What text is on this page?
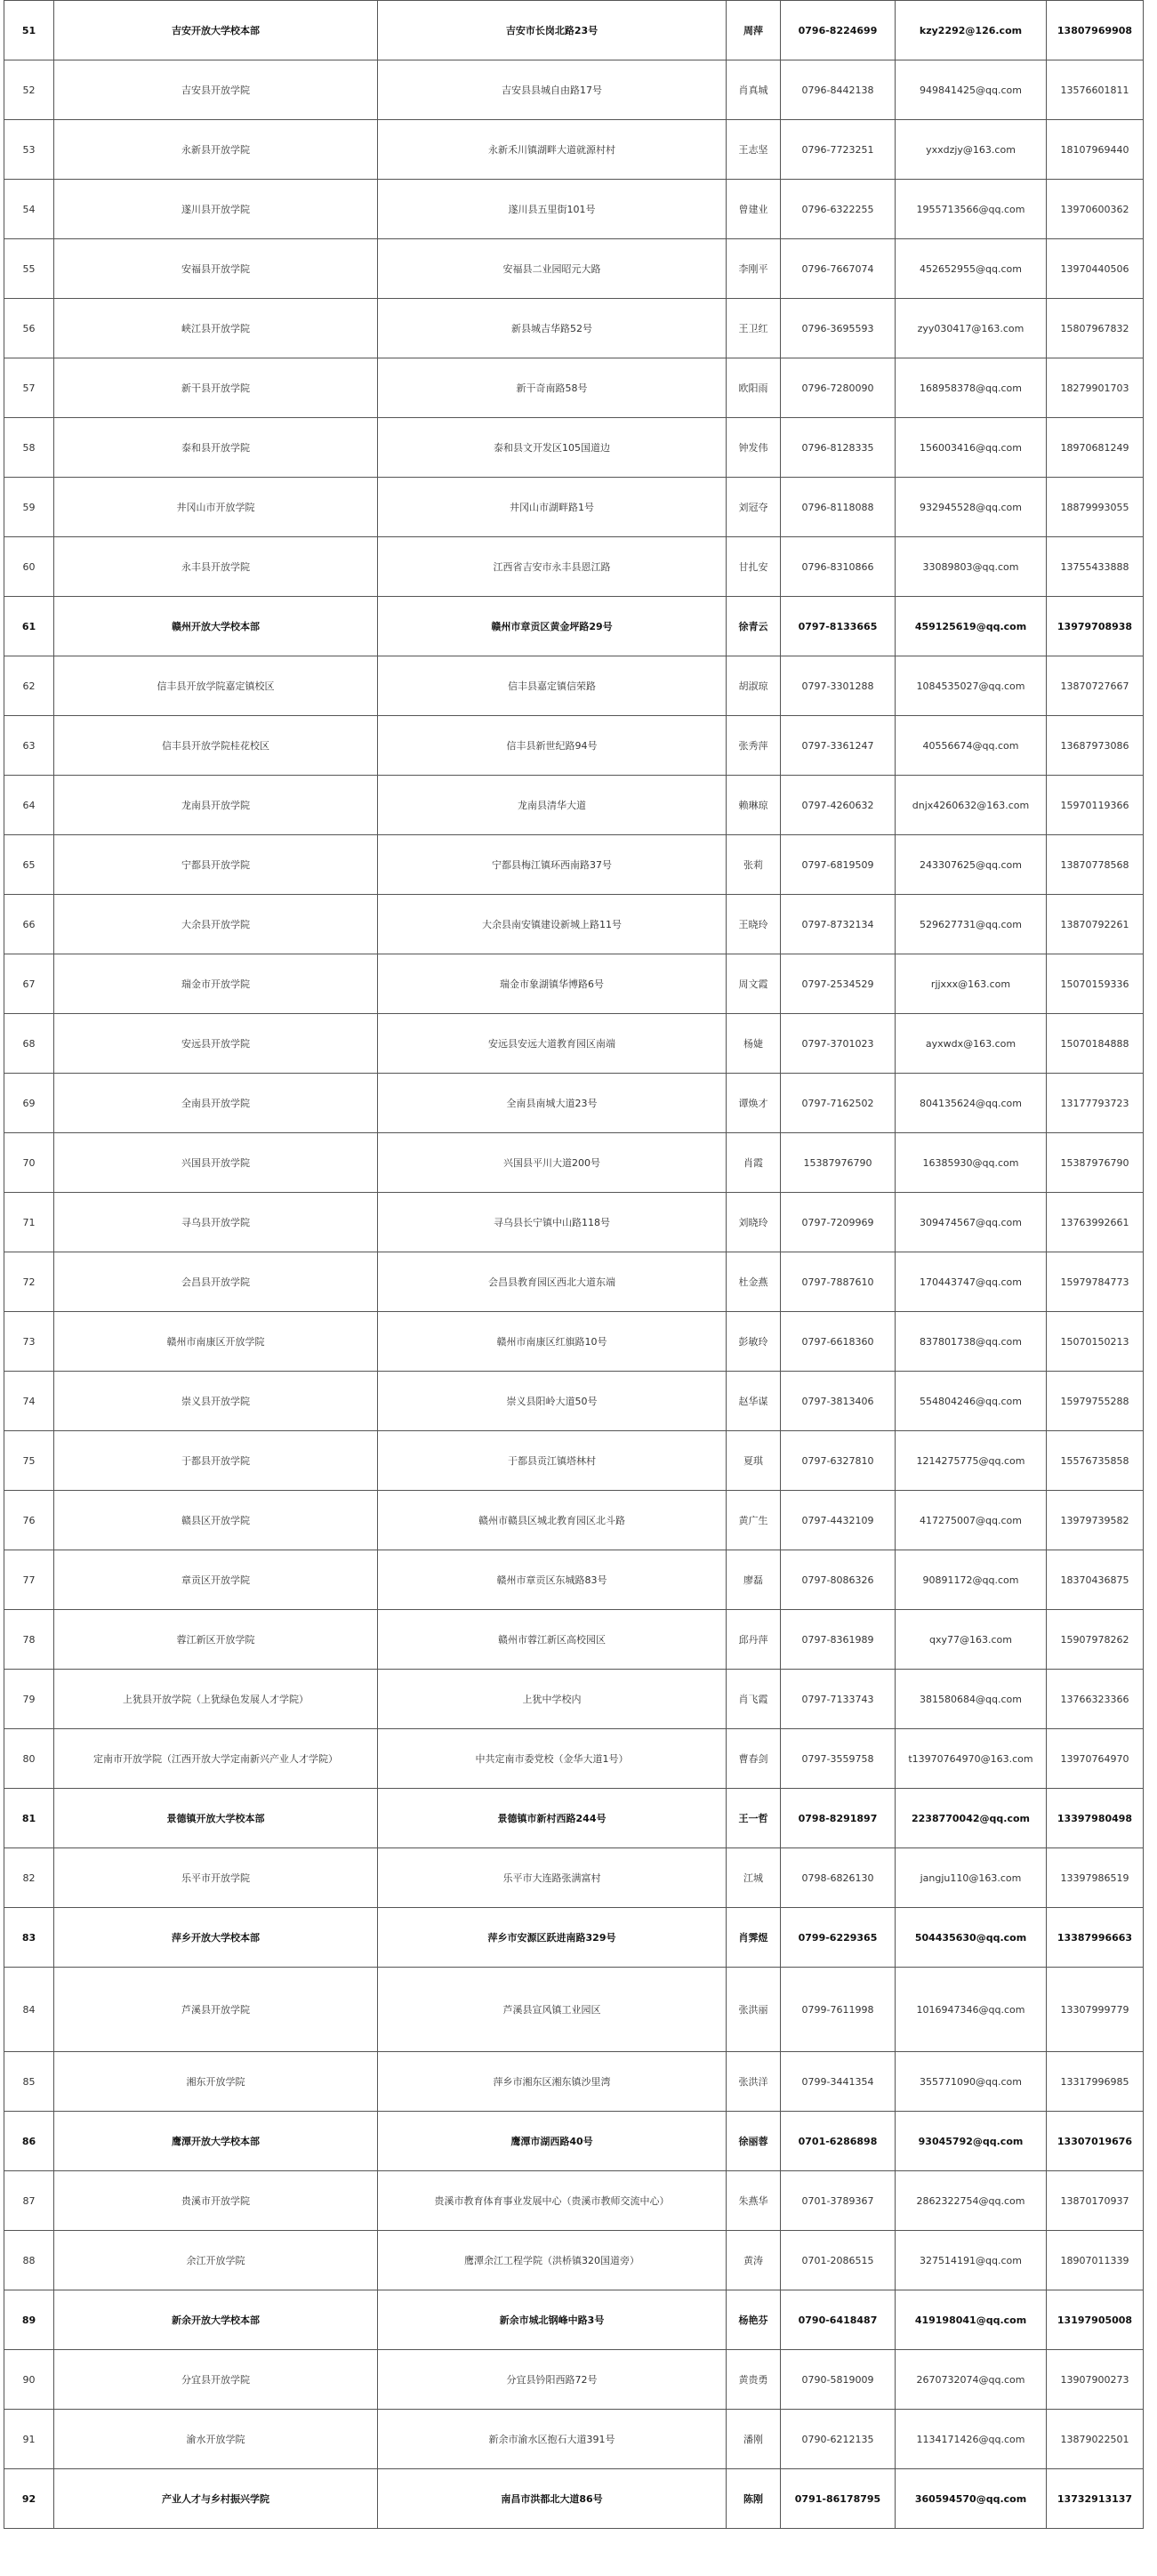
51	吉安开放大学校本部	吉安市长岗北路23号	周萍	0796-8224699	kzy2292@126.com	13807969908
52	吉安县开放学院	吉安县县城自由路17号	肖真城	0796-8442138	949841425@qq.com	13576601811
53	永新县开放学院	永新禾川镇湖畔大道就源村村	王志坚	0796-7723251	yxxdzjy@163.com	18107969440
54	遂川县开放学院	遂川县五里街101号	曾建业	0796-6322255	1955713566@qq.com	13970600362
55	安福县开放学院	安福县二业园昭元大路	李刚平	0796-7667074	452652955@qq.com	13970440506
56	峡江县开放学院	新县城吉华路52号	王卫红	0796-3695593	zyy030417@163.com	15807967832
57	新干县开放学院	新干奇南路58号	欧阳雨	0796-7280090	168958378@qq.com	18279901703
58	泰和县开放学院	泰和县文开发区105国道边	钟发伟	0796-8128335	156003416@qq.com	18970681249
59	井冈山市开放学院	井冈山市湖畔路1号	刘冠夺	0796-8118088	932945528@qq.com	18879993055
60	永丰县开放学院	江西省吉安市永丰县恩江路	甘扎安	0796-8310866	33089803@qq.com	13755433888
61	赣州开放大学校本部	赣州市章贡区黄金坪路29号	徐青云	0797-8133665	459125619@qq.com	13979708938
62	信丰县开放学院嘉定镇校区	信丰县嘉定镇信荣路	胡淑琼	0797-3301288	1084535027@qq.com	13870727667
63	信丰县开放学院桂花校区	信丰县新世纪路94号	张秀萍	0797-3361247	40556674@qq.com	13687973086
64	龙南县开放学院	龙南县清华大道	赖琳琼	0797-4260632	dnjx4260632@163.com	15970119366
65	宁都县开放学院	宁都县梅江镇环西南路37号	张莉	0797-6819509	243307625@qq.com	13870778568
66	大余县开放学院	大余县南安镇建设新城上路11号	王晓玲	0797-8732134	529627731@qq.com	13870792261
67	瑞金市开放学院	瑞金市象湖镇华博路6号	周文霞	0797-2534529	rjjxxx@163.com	15070159336
68	安远县开放学院	安远县安远大道教育园区南端	杨婕	0797-3701023	ayxwdx@163.com	15070184888
69	全南县开放学院	全南县南城大道23号	谭焕才	0797-7162502	804135624@qq.com	13177793723
70	兴国县开放学院	兴国县平川大道200号	肖霞	15387976790	16385930@qq.com	15387976790
71	寻乌县开放学院	寻乌县长宁镇中山路118号	刘晓玲	0797-7209969	309474567@qq.com	13763992661
72	会昌县开放学院	会昌县教育园区西北大道东端	杜金燕	0797-7887610	170443747@qq.com	15979784773
73	赣州市南康区开放学院	赣州市南康区红旗路10号	彭敏玲	0797-6618360	837801738@qq.com	15070150213
74	崇义县开放学院	崇义县阳岭大道50号	赵华谋	0797-3813406	554804246@qq.com	15979755288
75	于都县开放学院	于都县贡江镇塔林村	夏琪	0797-6327810	1214275775@qq.com	15576735858
76	赣县区开放学院	赣州市赣县区城北教育园区北斗路	黄广生	0797-4432109	417275007@qq.com	13979739582
77	章贡区开放学院	赣州市章贡区东城路83号	廖磊	0797-8086326	90891172@qq.com	18370436875
78	蓉江新区开放学院	赣州市蓉江新区高校园区	邱丹萍	0797-8361989	qxy77@163.com	15907978262
79	上犹县开放学院（上犹绿色发展人才学院）	上犹中学校内	肖飞霞	0797-7133743	381580684@qq.com	13766323366
80	定南市开放学院（江西开放大学定南新兴产业人才学院）	中共定南市委党校（金华大道1号）	曹春剑	0797-3559758	t13970764970@163.com	13970764970
81	景德镇开放大学校本部	景德镇市新村西路244号	王一哲	0798-8291897	2238770042@qq.com	13397980498
82	乐平市开放学院	乐平市大连路张满富村	江城	0798-6826130	jangju110@163.com	13397986519
83	萍乡开放大学校本部	萍乡市安源区跃进南路329号	肖霁煜	0799-6229365	504435630@qq.com	13387996663
84	芦溪县开放学院	芦溪县宣风镇工业园区	张洪丽	0799-7611998	1016947346@qq.com	13307999779
85	湘东开放学院	萍乡市湘东区湘东镇沙里湾	张洪洋	0799-3441354	355771090@qq.com	13317996985
86	鹰潭开放大学校本部	鹰潭市湖西路40号	徐丽蓉	0701-6286898	93045792@qq.com	13307019676
87	贵溪市开放学院	贵溪市教育体育事业发展中心（贵溪市教师交流中心）	朱燕华	0701-3789367	2862322754@qq.com	13870170937
88	余江开放学院	鹰潭余江工程学院（洪桥镇320国道旁）	黄涛	0701-2086515	327514191@qq.com	18907011339
89	新余开放大学校本部	新余市城北钢峰中路3号	杨艳芬	0790-6418487	419198041@qq.com	13197905008
90	分宜县开放学院	分宜县钤阳西路72号	黄贵勇	0790-5819009	2670732074@qq.com	13907900273
91	渝水开放学院	新余市渝水区抱石大道391号	潘刚	0790-6212135	1134171426@qq.com	13879022501
92	产业人才与乡村振兴学院	南昌市洪都北大道86号	陈刚	0791-86178795	360594570@qq.com	13732913137
